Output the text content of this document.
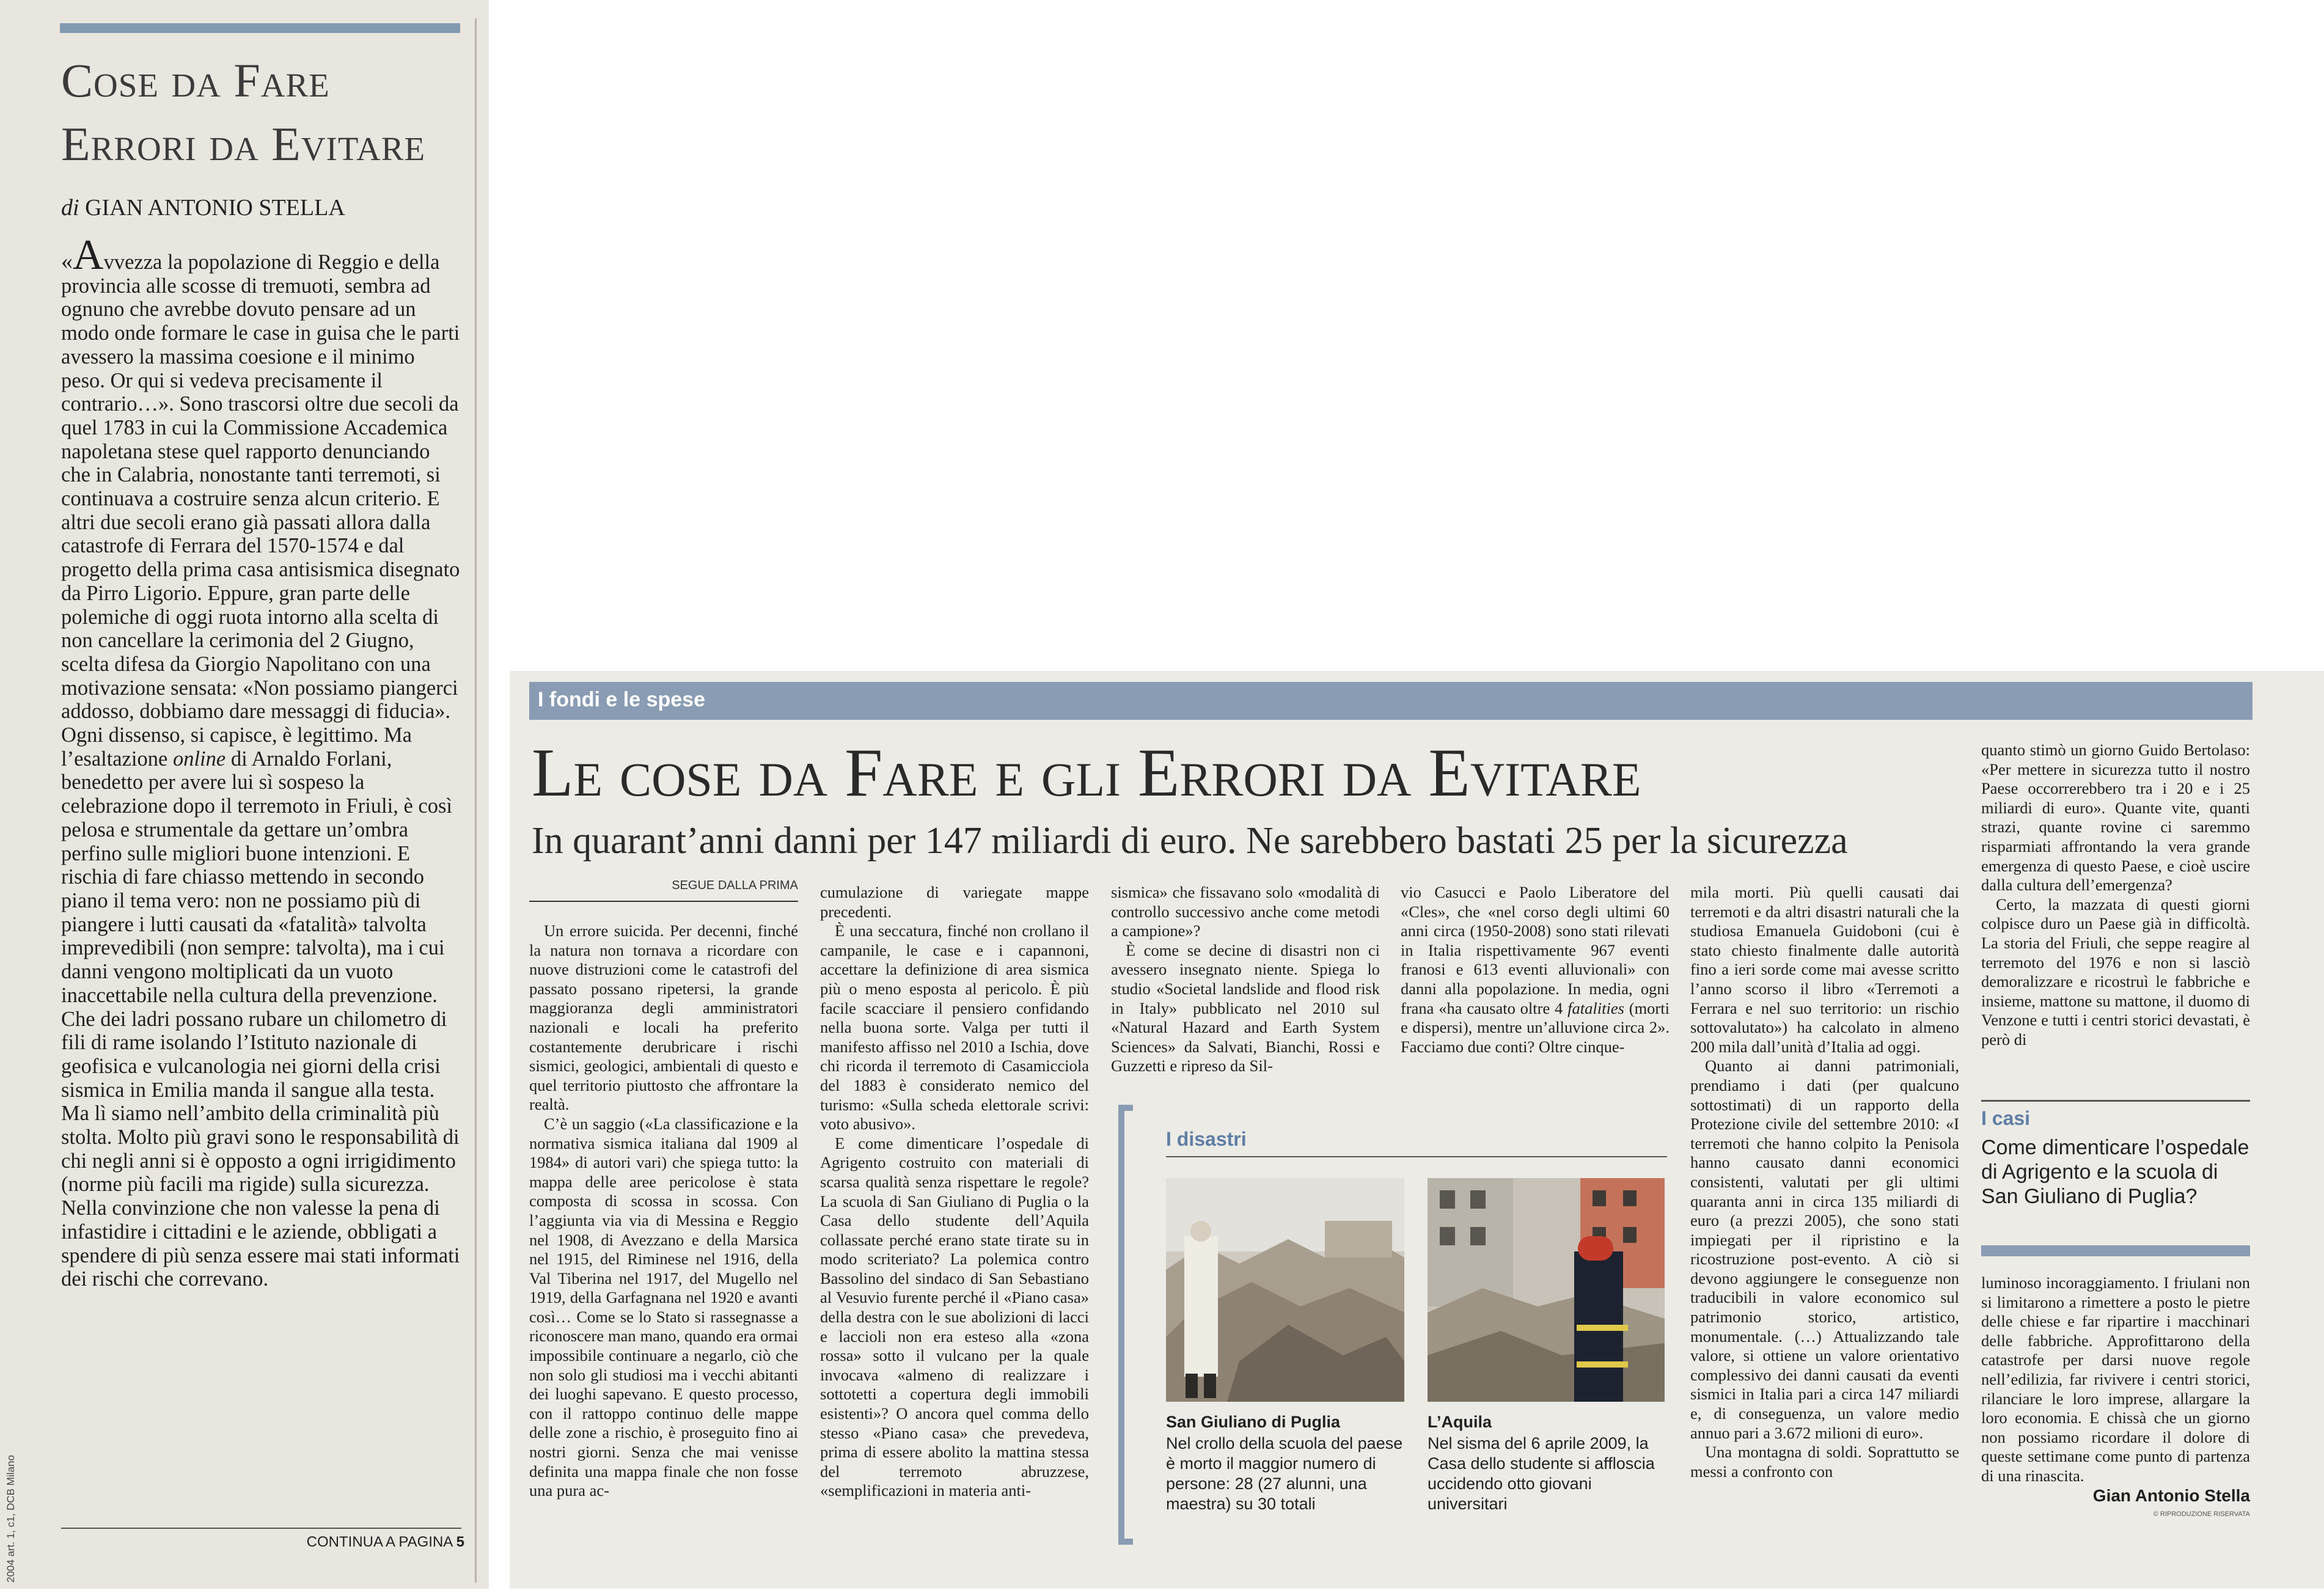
2004 art. 1, c1, DCB Milano
Cose da Fare
Errori da Evitare
di GIAN ANTONIO STELLA

«Avvezza la popolazione di Reggio e della provincia alle scosse di tremuoti, sembra ad ognuno che avrebbe dovuto pensare ad un modo onde formare le case in guisa che le parti avessero la massima coesione e il minimo peso. Or qui si vedeva precisamente il contrario…». Sono trascorsi oltre due secoli da quel 1783 in cui la Commissione Accademica napoletana stese quel rapporto denunciando che in Calabria, nonostante tanti terremoti, si continuava a costruire senza alcun criterio. E altri due secoli erano già passati allora dalla catastrofe di Ferrara del 1570-1574 e dal progetto della prima casa antisismica disegnato da Pirro Ligorio. Eppure, gran parte delle polemiche di oggi ruota intorno alla scelta di non cancellare la cerimonia del 2 Giugno, scelta difesa da Giorgio Napolitano con una motivazione sensata: «Non possiamo piangerci addosso, dobbiamo dare messaggi di fiducia». Ogni dissenso, si capisce, è legittimo. Ma l’esaltazione online di Arnaldo Forlani, benedetto per avere lui sì sospeso la celebrazione dopo il terremoto in Friuli, è così pelosa e strumentale da gettare un’ombra perfino sulle migliori buone intenzioni. E rischia di fare chiasso mettendo in secondo piano il tema vero: non ne possiamo più di piangere i lutti causati da «fatalità» talvolta imprevedibili (non sempre: talvolta), ma i cui danni vengono moltiplicati da un vuoto inaccettabile nella cultura della prevenzione. Che dei ladri possano rubare un chilometro di fili di rame isolando l’Istituto nazionale di geofisica e vulcanologia nei giorni della crisi sismica in Emilia manda il sangue alla testa. Ma lì siamo nell’ambito della criminalità più stolta. Molto più gravi sono le responsabilità di chi negli anni si è opposto a ogni irrigidimento (norme più facili ma rigide) sulla sicurezza. Nella convinzione che non valesse la pena di infastidire i cittadini e le aziende, obbligati a spendere di più senza essere mai stati informati dei rischi che correvano.

CONTINUA A PAGINA 5
I fondi e le spese
Le cose da Fare e gli Errori da Evitare
In quarant’anni danni per 147 miliardi di euro. Ne sarebbero bastati 25 per la sicurezza
SEGUE DALLA PRIMA

Un errore suicida. Per decenni, finché la natura non tornava a ricordare con nuove distruzioni come le catastrofi del passato possano ripetersi, la grande maggioranza degli amministratori nazionali e locali ha preferito costantemente derubricare i rischi sismici, geologici, ambientali di questo e quel territorio piuttosto che affrontare la realtà.

C’è un saggio («La classificazione e la normativa sismica italiana dal 1909 al 1984» di autori vari) che spiega tutto: la mappa delle aree pericolose è stata composta di scossa in scossa. Con l’aggiunta via via di Messina e Reggio nel 1908, di Avezzano e della Marsica nel 1915, del Riminese nel 1916, della Val Tiberina nel 1917, del Mugello nel 1919, della Garfagnana nel 1920 e avanti così… Come se lo Stato si rassegnasse a riconoscere man mano, quando era ormai impossibile continuare a negarlo, ciò che non solo gli studiosi ma i vecchi abitanti dei luoghi sapevano. E questo processo, con il rattoppo continuo delle mappe delle zone a rischio, è proseguito fino ai nostri giorni. Senza che mai venisse definita una mappa finale che non fosse una pura ac-

cumulazione di variegate mappe precedenti.

È una seccatura, finché non crollano il campanile, le case e i capannoni, accettare la definizione di area sismica più o meno esposta al pericolo. È più facile scacciare il pensiero confidando nella buona sorte. Valga per tutti il manifesto affisso nel 2010 a Ischia, dove chi ricorda il terremoto di Casamicciola del 1883 è considerato nemico del turismo: «Sulla scheda elettorale scrivi: voto abusivo».

E come dimenticare l’ospedale di Agrigento costruito con materiali di scarsa qualità senza rispettare le regole? La scuola di San Giuliano di Puglia o la Casa dello studente dell’Aquila collassate perché erano state tirate su in modo scriteriato? La polemica contro Bassolino del sindaco di San Sebastiano al Vesuvio furente perché il «Piano casa» della destra con le sue abolizioni di lacci e laccioli non era esteso alla «zona rossa» sotto il vulcano per la quale invocava «almeno di realizzare i sottotetti a copertura degli immobili esistenti»? O ancora quel comma dello stesso «Piano casa» che prevedeva, prima di essere abolito la mattina stessa del terremoto abruzzese, «semplificazioni in materia anti-

sismica» che fissavano solo «modalità di controllo successivo anche come metodi a campione»?

È come se decine di disastri non ci avessero insegnato niente. Spiega lo studio «Societal landslide and flood risk in Italy» pubblicato nel 2010 sul «Natural Hazard and Earth System Sciences» da Salvati, Bianchi, Rossi e Guzzetti e ripreso da Sil-

vio Casucci e Paolo Liberatore del «Cles», che «nel corso degli ultimi 60 anni circa (1950-2008) sono stati rilevati in Italia rispettivamente 967 eventi franosi e 613 eventi alluvionali» con danni alla popolazione. In media, ogni frana «ha causato oltre 4 fatalities (morti e dispersi), mentre un’alluvione circa 2». Facciamo due conti? Oltre cinque-

mila morti. Più quelli causati dai terremoti e da altri disastri naturali che la studiosa Emanuela Guidoboni (cui è stato chiesto finalmente dalle autorità fino a ieri sorde come mai avesse scritto l’anno scorso il libro «Terremoti a Ferrara e nel suo territorio: un rischio sottovalutato») ha calcolato in almeno 200 mila dall’unità d’Italia ad oggi.

Quanto ai danni patrimoniali, prendiamo i dati (per qualcuno sottostimati) di un rapporto della Protezione civile del settembre 2010: «I terremoti che hanno colpito la Penisola hanno causato danni economici consistenti, valutati per gli ultimi quaranta anni in circa 135 miliardi di euro (a prezzi 2005), che sono stati impiegati per il ripristino e la ricostruzione post-evento. A ciò si devono aggiungere le conseguenze non traducibili in valore economico sul patrimonio storico, artistico, monumentale. (…) Attualizzando tale valore, si ottiene un valore orientativo complessivo dei danni causati da eventi sismici in Italia pari a circa 147 miliardi e, di conseguenza, un valore medio annuo pari a 3.672 milioni di euro».

Una montagna di soldi. Soprattutto se messi a confronto con

quanto stimò un giorno Guido Bertolaso: «Per mettere in sicurezza tutto il nostro Paese occorrerebbero tra i 20 e i 25 miliardi di euro». Quante vite, quanti strazi, quante rovine ci saremmo risparmiati affrontando la vera grande emergenza di questo Paese, e cioè uscire dalla cultura dell’emergenza?

Certo, la mazzata di questi giorni colpisce duro un Paese già in difficoltà. La storia del Friuli, che seppe reagire al terremoto del 1976 e non si lasciò demoralizzare e ricostruì le fabbriche e insieme, mattone su mattone, il duomo di Venzone e tutti i centri storici devastati, è però di

I casi
Come dimenticare l’ospedale di Agrigento e la scuola di San Giuliano di Puglia?

luminoso incoraggiamento. I friulani non si limitarono a rimettere a posto le pietre delle chiese e far ripartire i macchinari delle fabbriche. Approfittarono della catastrofe per darsi nuove regole nell’edilizia, far rivivere i centri storici, rilanciare le loro imprese, allargare la loro economia. E chissà che un giorno non possiamo ricordare il dolore di queste settimane come punto di partenza di una rinascita.

Gian Antonio Stella
© RIPRODUZIONE RISERVATA
I disastri
San Giuliano di Puglia
Nel crollo della scuola del paese è morto il maggior numero di persone: 28 (27 alunni, una maestra) su 30 totali
L’Aquila
Nel sisma del 6 aprile 2009, la Casa dello studente si affloscia uccidendo otto giovani universitari
